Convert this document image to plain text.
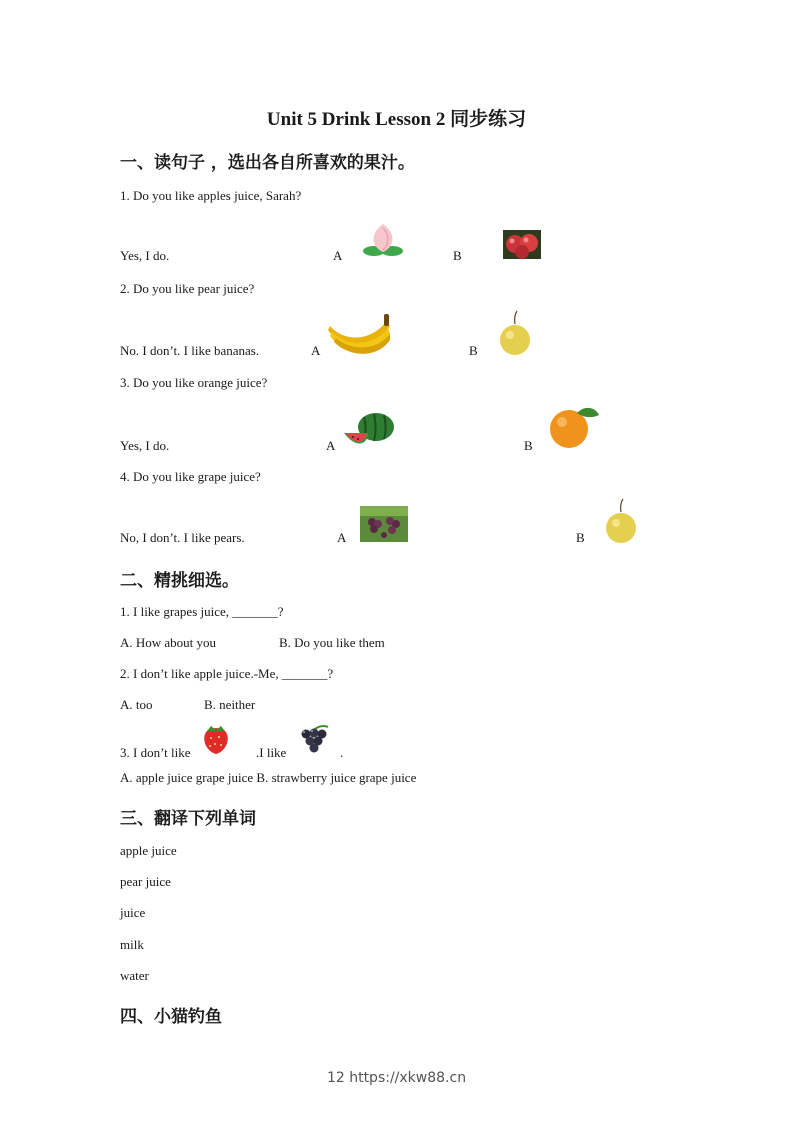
Unit 5 Drink Lesson 2 同步练习
一、读句子 ，选出各自所喜欢的果汁。
1. Do you like apples juice, Sarah?
Yes, I do.	A	B
2. Do you like pear juice?
No. I don’t. I like bananas.	A	B
3. Do you like orange juice?
Yes, I do.	A	B
4. Do you like grape juice?
No, I don’t. I like pears.	A	B
二、精挑细选。
1. I like grapes juice, _______?
A. How about you	B. Do you like them
2. I don’t like apple juice.-Me, _______?
A. too	B. neither
3. I don’t like	.I like	.
A. apple juice grape juice B. strawberry juice grape juice
三、翻译下列单词
apple juice
pear juice
juice
milk
water
四、小猫钓鱼
12 https://xkw88.cn
